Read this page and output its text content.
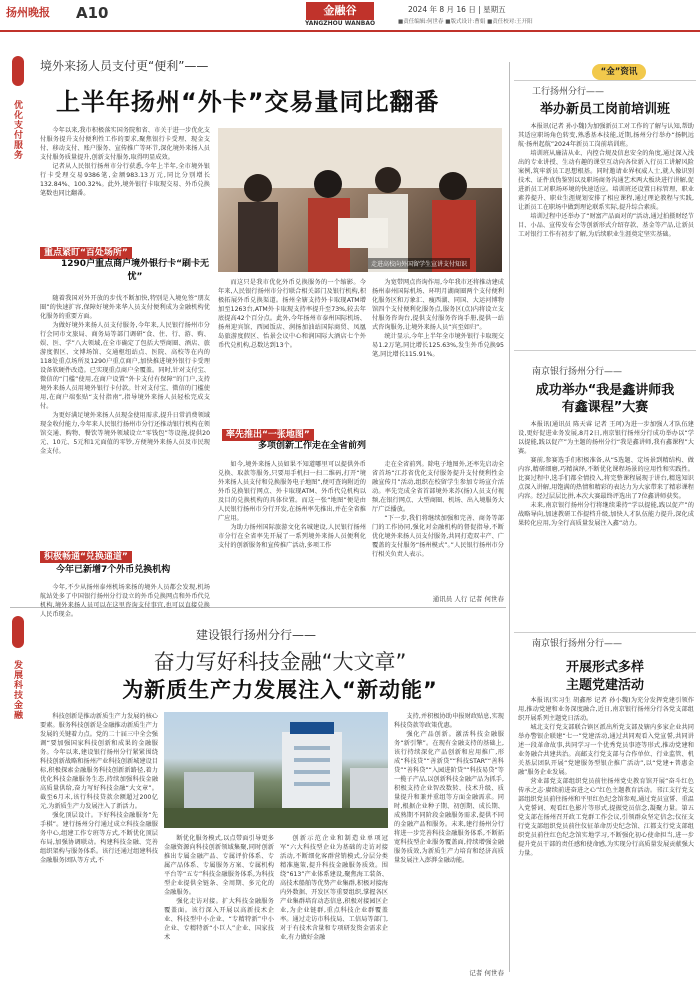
扬州晚报 A10	金融谷
YANGZHOU WANBAO
2024 年 8 月 16 日 | 星期五
■责任编辑:何世春 ■版式设计:曹娟 ■责任校对:王开阳
优化支付服务
境外来扬人员支付更“便利”——
上半年扬州“外卡”交易量同比翻番

今年以来,我市积极落实国务院和省、市关于进一步优化支付服务提升支付便利性工作的要求,聚焦银行卡受理、现金支付、移动支付、账户服务、宣传推广等环节,深化境外来扬人员支付服务质量提升,创新支付服务,取得明显成效。

记者从人民银行扬州市分行获悉,今年上半年,全市境外银行卡受理交易9386笔,金额983.13万元,同比分别增长132.84%、100.32%。此外,境外银行卡取现交易、外币兑换笔数也同比翻番。

走进高校向外国留学生宣讲支付知识
重点紧盯“百处场所”
1290户重点商户境外银行卡“刷卡无忧”

随着我国对外开放的步伐不断加快,特别是入境免签“朋友圈”的快速扩容,保障好境外来华人员支付便利成为金融机构优化服务的重要方面。

为做好境外来扬人员支付服务,今年来,人民银行扬州市分行会同市文旅局、商务局等部门调研“食、住、行、游、购、娱、医、学”八大领域,在全市确定了包括大型商圈、酒店、旅游度假区、文博场馆、交通枢纽站点、医院、高校等在内的118处重点场所及1290户重点商户,加快推进境外银行卡受理设备软硬件改造。已实现重点商户全覆盖。同时,针对支付宝、微信的“门槛”使用,在商户设置“外卡支付有保障”的门户,支持境外来扬人员用境外银行卡付款。针对支付宝、微信的门槛使用,在商户端张贴“支付指南”,指导境外来扬人员轻松完成支付。

为更好满足境外来扬人员现金使用需求,提升日常消费领域现金收付能力,今年来人民银行扬州市分行还推动银行机构在领馆交通、购物、餐饮等境外领域设立“零钱包”等设施,提供20元、10元、5元和1元面值的零钞,方便境外来扬人员及市民现金支付。

积极畅通“兑换通道”
今年已新增7个外币兑换机构

今年,不少从扬州泰州机场来扬的境外人员都会发现,机场航站处多了中国银行扬州分行设立的外币兑换网点和外币代兑机构,境外来扬人员可以在这里咨询支付事宜,也可以直接兑换人民币现金。

而这只是我市优化外币兑换服务的一个缩影。今年来,人民银行扬州市分行联合相关部门及银行机构,积极拓展外币兑换渠道。扬州全辖支持外卡取现ATM增加至1263台,ATM外卡取现支持率提升至73%,较去年底提高42个百分点。此外,今年扬州市泰州国际机场、扬州迎宾馆、西园饭店、润扬加油站国际商贸、凤凰岛旅游度假区、怡景会议中心和润国际大酒店七个外币代兑机构,总数达到13个。

为宽带网点咨询作用,今年我市还将推动建成扬州泰州国际机场、环明月湖商圈两个支付便利化服务区和万象汇、瘦西湖、同国、大运河博物馆四个支付便利化服务点,服务区(点)内将设立支付服务咨询台,提供支付服务咨询手册,提供一站式咨询服务,让境外来扬人员“宾至如归”。

统计显示,今年上半年全市境外银行卡取现交易1.2万笔,同比增长125.63%,发生外币兑换95笔,同比增长115.91%。

率先推出“一张地图”
多项创新工作走在全省前列

如今,境外来扬人员如果不知道哪里可以提供外币兑换、取款等服务,只要用手机扫一扫二维码,打开“境外来扬人员支付和兑换服务电子地图”,便可查询附近的外币兑换银行网点、外卡取现ATM、外币代兑机构以及目的兑换机构的具体位置。而这一张“地图”便是由人民银行扬州市分行开发,在扬州率先推出,并在全省推广应用。

为助力扬州国际旅游文化名城建设,人民银行扬州市分行在全省率先开展了一系列境外来扬人员便利化支付的创新服务和宣传推广活动,多项工作

走在全省前列。除电子地图外,还率先启动全省首场“江苏省优化支付服务提升支付便利性金融宣传月”活动,组织在校留学生参加专场宣介活动。率先完成全省首部境外来苏(扬)人员支付视频,在银行网点、大型商圈、机场、出入境服务大厅广泛播放。

“下一步,我们将继续加强和完善、商务等部门的工作协同,强化对金融机构的督促指导,不断优化境外来扬人员支付服务,共同打造双丰产、广覆盖的支付服务“扬州模式”。”人民银行扬州市分行相关负责人表示。

通讯员 人行 记者 何世春
发展科技金融
建设银行扬州分行——
奋力写好科技金融“大文章”
为新质生产力发展注入“新动能”

科技创新是推动新质生产力发展的核心要素。服务科技创新是金融推动新质生产力发展的关键着力点。党的二十届三中全会强调“要加强国家科技创新和成果的金融服务。今年以来,建设银行扬州分行紧紧围绕科技创新战略和扬州产业科技创新城建设目标,积极探索金融服务科技创新新路径,着力优化科技金融服务生态,持续加强科技金融高质量供给,奋力写好科技金融“大文章”。截至6月末,该行科技贷款余额超过200亿元,为新质生产力发展注入了新活力。

强化顶层设计。下好科技金融服务“先手棋”。建行扬州分行通过成立科技金融服务中心,组建工作专班等方式,不断优化顶层布局,加强协调联动。构建科技金融、完善组织架构与服务体系。该行还通过组建科技金融服务团队等方式,不

断优化服务模式,以点带面引导更多金融资源向科技创新领域集聚,同时创新推出专属金融产品、专属评价体系、专属产品体系、专属服务方案、专属机构平台等“五专”科技金融服务体系,为科技型企业提供全链条、全周期、多元化的金融服务。

强化走访对接。扩大科技金融服务覆盖面。该行深入开展以高新技术企业、科技型中小企业、“专精特新”中小企业、专精特新“小巨人”企业、国家技术

创新示范企业和制造业单项冠军“六大科技型企业为基础的走访对接活动,不断细化客群营销模式,分层分类精准施策,提升科技金融服务质效。围绕“613”产业体系建设,聚焦海工装备、高技术船舶等优势产业集群,积极对接海内外数据、开发区等重要组织,掌握各区产业集群培育动态信息,积极对接园区企业,为企业链群,重点科技企业群覆盖率。通过走访市科技局、工信局等部门,对于有技术含量和专项研发资金需求企业,有力做好金融

支持,并积极协助申报财政贴息,实现科技贷款等政策优惠。

强化产品创新。激活科技金融服务“新引擎”。在现有金融支持的基础上,该行持续深化产品创新和应用推广,形成“科技贷”“善新贷”“科技STAR”“善科贷”“善科贷”“入园进阶贷”“科技易贷”等一揽子产品,以创新科技金融产品为抓手,积极支持企业智改数转、技术升级、质量提升和兼并重组等方面金融需求。同时,根据企业种子期、初创期、成长期、成熟期不同阶段金融服务需求,提供不同的金融产品和服务。未来,建行扬州分行将进一步完善科技金融服务体系,不断拓宽科技型企业服务覆盖面,持续增强金融服务质效,为新质生产力培育和经济高质量发展注入澎湃金融动能。

记者 何世春
“金”资讯
工行扬州分行——
举办新员工岗前培训班

本报讯(记者 孙小魏)为加强新员工对工作的了解与认知,帮助其适应职场角色转变,熟悉基本技能,近期,扬州分行举办“扬帆远航·扬州起航”2024年新员工岗前培训班。

培训班从廉洁从业、内控合规及信息安全的角度,通过深入浅出的专业讲授、生动有趣的课堂互动向各位新入行员工讲解风险案例,筑牢新员工思想根基。同时邀请业界权威人士,就人像识别技术、证件真伪鉴别以及职场商务沟通艺术两大板块进行讲解,促进新员工对职场环境的快速适应。培训班还设置日标管理、职业素养提升、职业生涯规划安排了相应课程,通过理论教程与实践,让新员工在职场中做到理论联系实际,提升综合素质。

培训过程中还举办了“财富产品面对的”活动,通过拍摄财经节目、小品、宣传发布会等创新形式介绍存款、基金等产品,让新员工对银行工作有初步了解,为后续职业生涯奠定坚实基础。

南京银行扬州分行——
成功举办“我是鑫讲师我有鑫课程”大赛

本报讯(通讯员 陈天睿 记者 王珂)为进一步加强人才队伍建设,更好促进业务发展,8月2日,南京银行扬州分行成功举办以“学以提能,践以促产”为主题的扬州分行“我是鑫讲师,我有鑫课程”大赛。

赛前,参赛选手们积极准备,从“5选题、定场景到精结构、做内容,精研细磨,巧精演绎,不断优化课程场景的应用性和实践性。比赛过程中,选手们都全情投入,将完整课程展现于讲台,精选知识点深入讲解,用饱满的热情和精彩的表达力为大家带来了精彩课程内容。经过层层比拼,本次大赛最终评选出了7位鑫讲师获奖。

未来,南京银行扬州分行将继续秉持“学以提能,践以促产”的战略导向,加速教研工作提档升级,加快人才队伍能力提升,深化成果转化应用,为全行高质量发展注入鑫“动力。

南京银行扬州分行——
开展形式多样
主题党建活动

本报讯(实习生 胡鑫彤 记者 孙小魏)为充分发挥党建引领作用,推动党建和业务深度融合,近日,南京银行扬州分行各党支部组织开展系列主题党日活动。

城北支行党支部联合镇区派出所党支部及辖内多家企业共同举办警银企联建“七一”党建活动,通过共同观看入党宣誓,共同讲述一段革命故事,共同学习一个优秀党员事迹等形式,推动党建和业务融合共建共治。高邮支行党支部与合作单位、行业监管、机关基层团队开展“党建服务型银企推广活动”,以“党建+普惠金融”服务企业发展。

营业部党支部组织党员前往扬州党史教育馆开展“奋斗红色传承之志·赓续前进奋进之心”红色主题教育活动。邗江支行党支部组织党员前往扬州和平里红色纪念馆参观,通过党员宣誓、重温入党誓词、观看红色影片等形式,提振党员信念,凝聚力量。第五党支部在扬州召开政工党群工作会议,引领群众坚定信念;仪征支行党支部组织党员前往仪征革命历史纪念馆、江都支行党支部组织党员前往红色纪念馆实地学习,不断强化初心使命担当,进一步提升党员干部的责任感和使命感,为实现分行高质量发展贡献强大力量。
